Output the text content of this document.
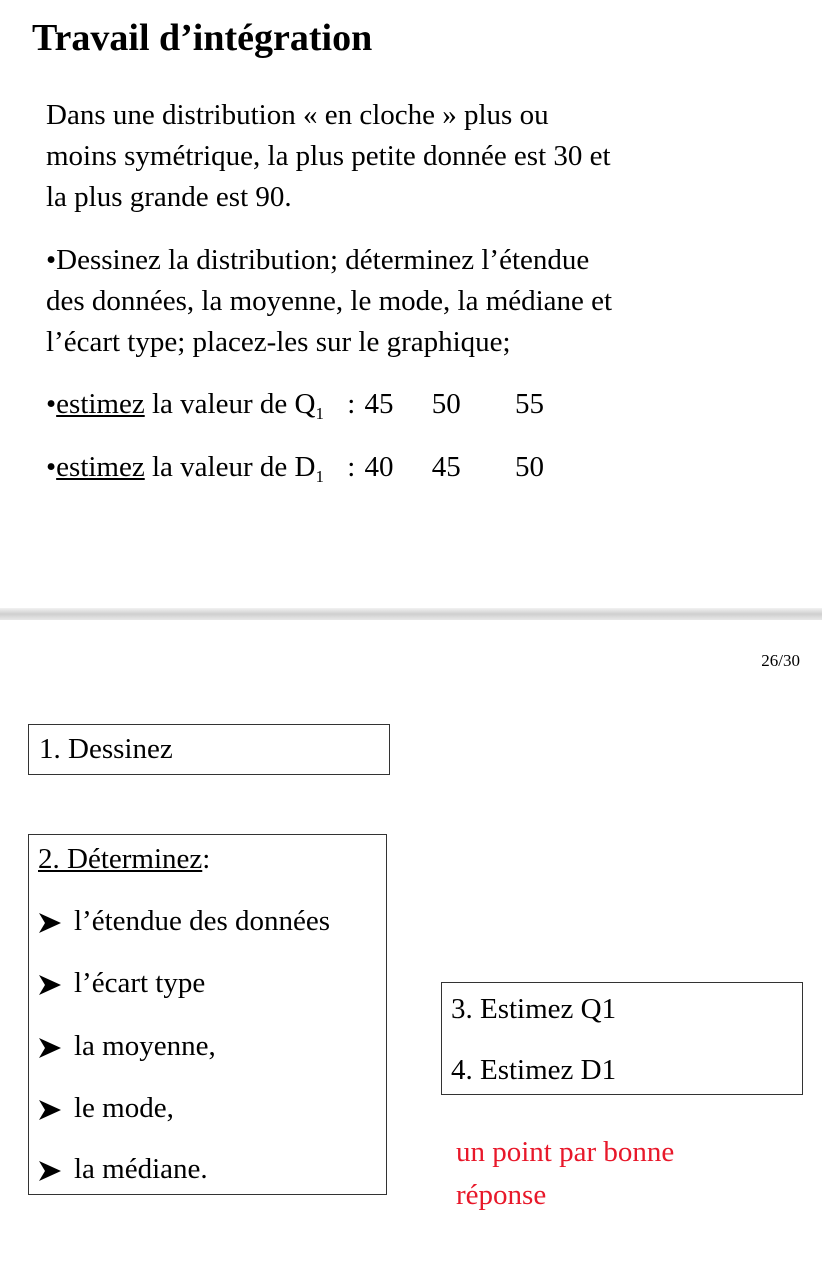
Travail d’intégration
Dans une distribution « en cloche » plus ou
moins symétrique, la plus petite donnée est 30 et
la plus grande est 90.
•Dessinez la distribution; déterminez l’étendue
des données, la moyenne, le mode, la médiane et
l’écart type; placez-les sur le graphique;
•estimez la valeur de $Q_1$ : 45 50 55
•estimez la valeur de $D_1$ : 40 45 50
26/30
1. Dessinez
2. Déterminez:
l’étendue des données
l’écart type
la moyenne,
le mode,
la médiane.
3. Estimez Q1
4. Estimez D1
un point par bonne
réponse
